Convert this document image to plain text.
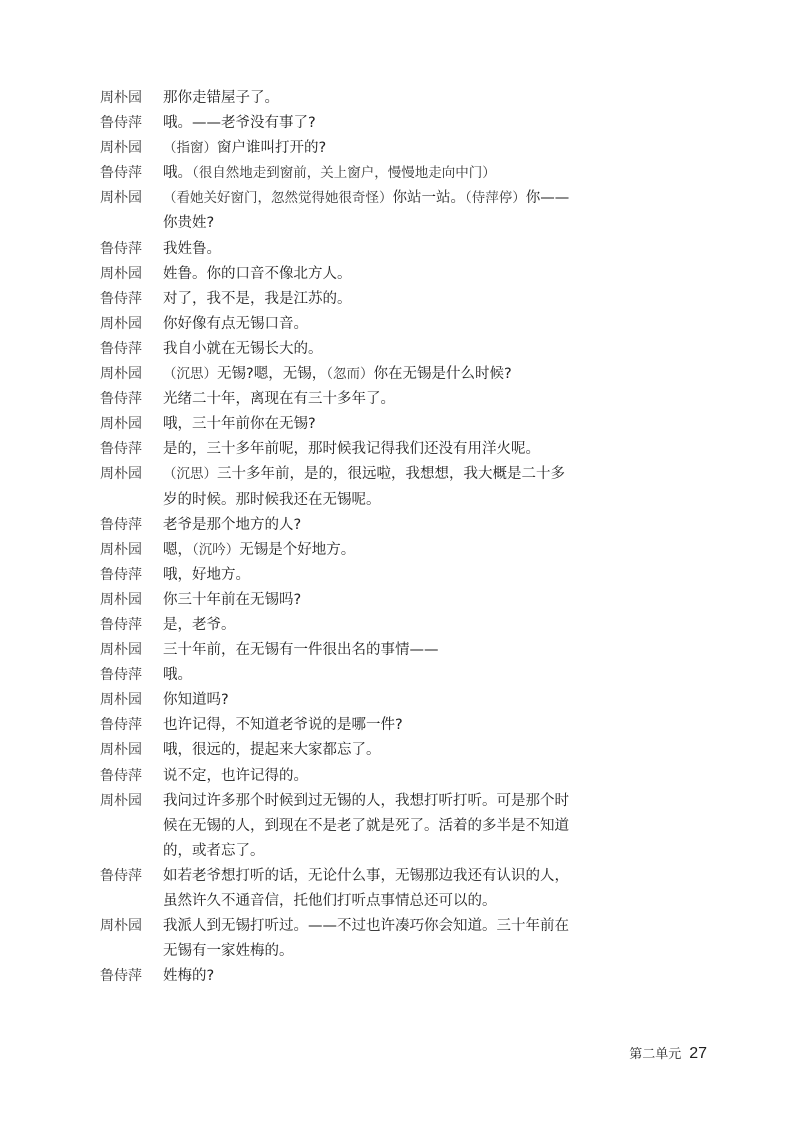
周朴园	那你走错屋子了。
鲁侍萍	哦。——老爷没有事了?
周朴园	（指窗）窗户谁叫打开的?
鲁侍萍	哦。（很自然地走到窗前，关上窗户，慢慢地走向中门）
周朴园	（看她关好窗门，忽然觉得她很奇怪）你站一站。（侍萍停）你——你贵姓?
鲁侍萍	我姓鲁。
周朴园	姓鲁。你的口音不像北方人。
鲁侍萍	对了，我不是，我是江苏的。
周朴园	你好像有点无锡口音。
鲁侍萍	我自小就在无锡长大的。
周朴园	（沉思）无锡?嗯，无锡，（忽而）你在无锡是什么时候?
鲁侍萍	光绪二十年，离现在有三十多年了。
周朴园	哦，三十年前你在无锡?
鲁侍萍	是的，三十多年前呢，那时候我记得我们还没有用洋火呢。
周朴园	（沉思）三十多年前，是的，很远啦，我想想，我大概是二十多岁的时候。那时候我还在无锡呢。
鲁侍萍	老爷是那个地方的人?
周朴园	嗯，（沉吟）无锡是个好地方。
鲁侍萍	哦，好地方。
周朴园	你三十年前在无锡吗?
鲁侍萍	是，老爷。
周朴园	三十年前，在无锡有一件很出名的事情——
鲁侍萍	哦。
周朴园	你知道吗?
鲁侍萍	也许记得，不知道老爷说的是哪一件?
周朴园	哦，很远的，提起来大家都忘了。
鲁侍萍	说不定，也许记得的。
周朴园	我问过许多那个时候到过无锡的人，我想打听打听。可是那个时候在无锡的人，到现在不是老了就是死了。活着的多半是不知道的，或者忘了。
鲁侍萍	如若老爷想打听的话，无论什么事，无锡那边我还有认识的人，虽然许久不通音信，托他们打听点事情总还可以的。
周朴园	我派人到无锡打听过。——不过也许凑巧你会知道。三十年前在无锡有一家姓梅的。
鲁侍萍	姓梅的?
第二单元 27
